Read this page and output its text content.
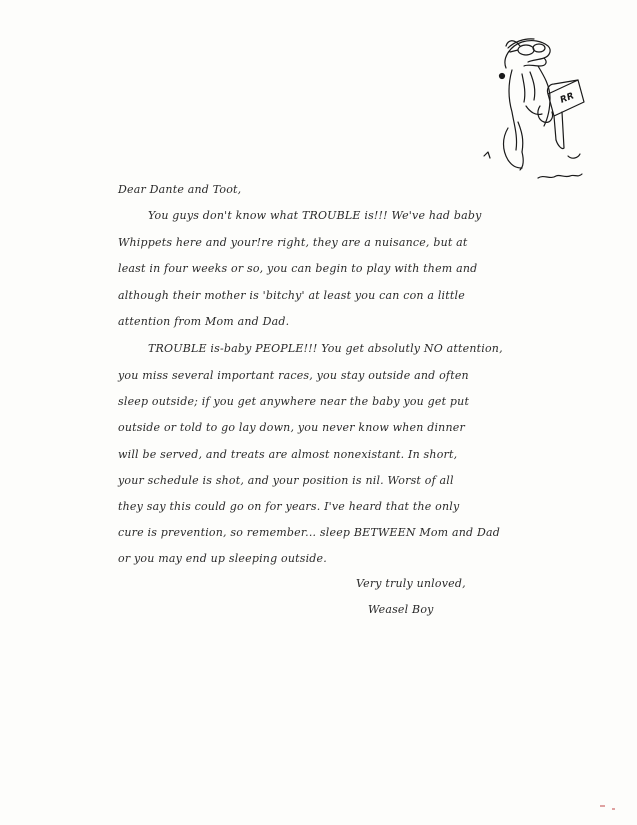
RR
Dear Dante and Toot,
You guys don't know what TROUBLE is!!! We've had baby
Whippets here and your!re right, they are a nuisance, but at
least in four weeks or so, you can begin to play with them and
although their mother is 'bitchy' at least you can con a little
attention from Mom and Dad.
TROUBLE is-baby PEOPLE!!! You get absolutly NO attention,
you miss several important races, you stay outside and often
sleep outside; if you get anywhere near the baby you get put
outside or told to go lay down, you never know when dinner
will be served, and treats are almost nonexistant. In short,
your schedule is shot, and your position is nil. Worst of all
they say this could go on for years. I've heard that the only
cure is prevention, so remember... sleep BETWEEN Mom and Dad
or you may end up sleeping outside.
Very truly unloved,
Weasel Boy
